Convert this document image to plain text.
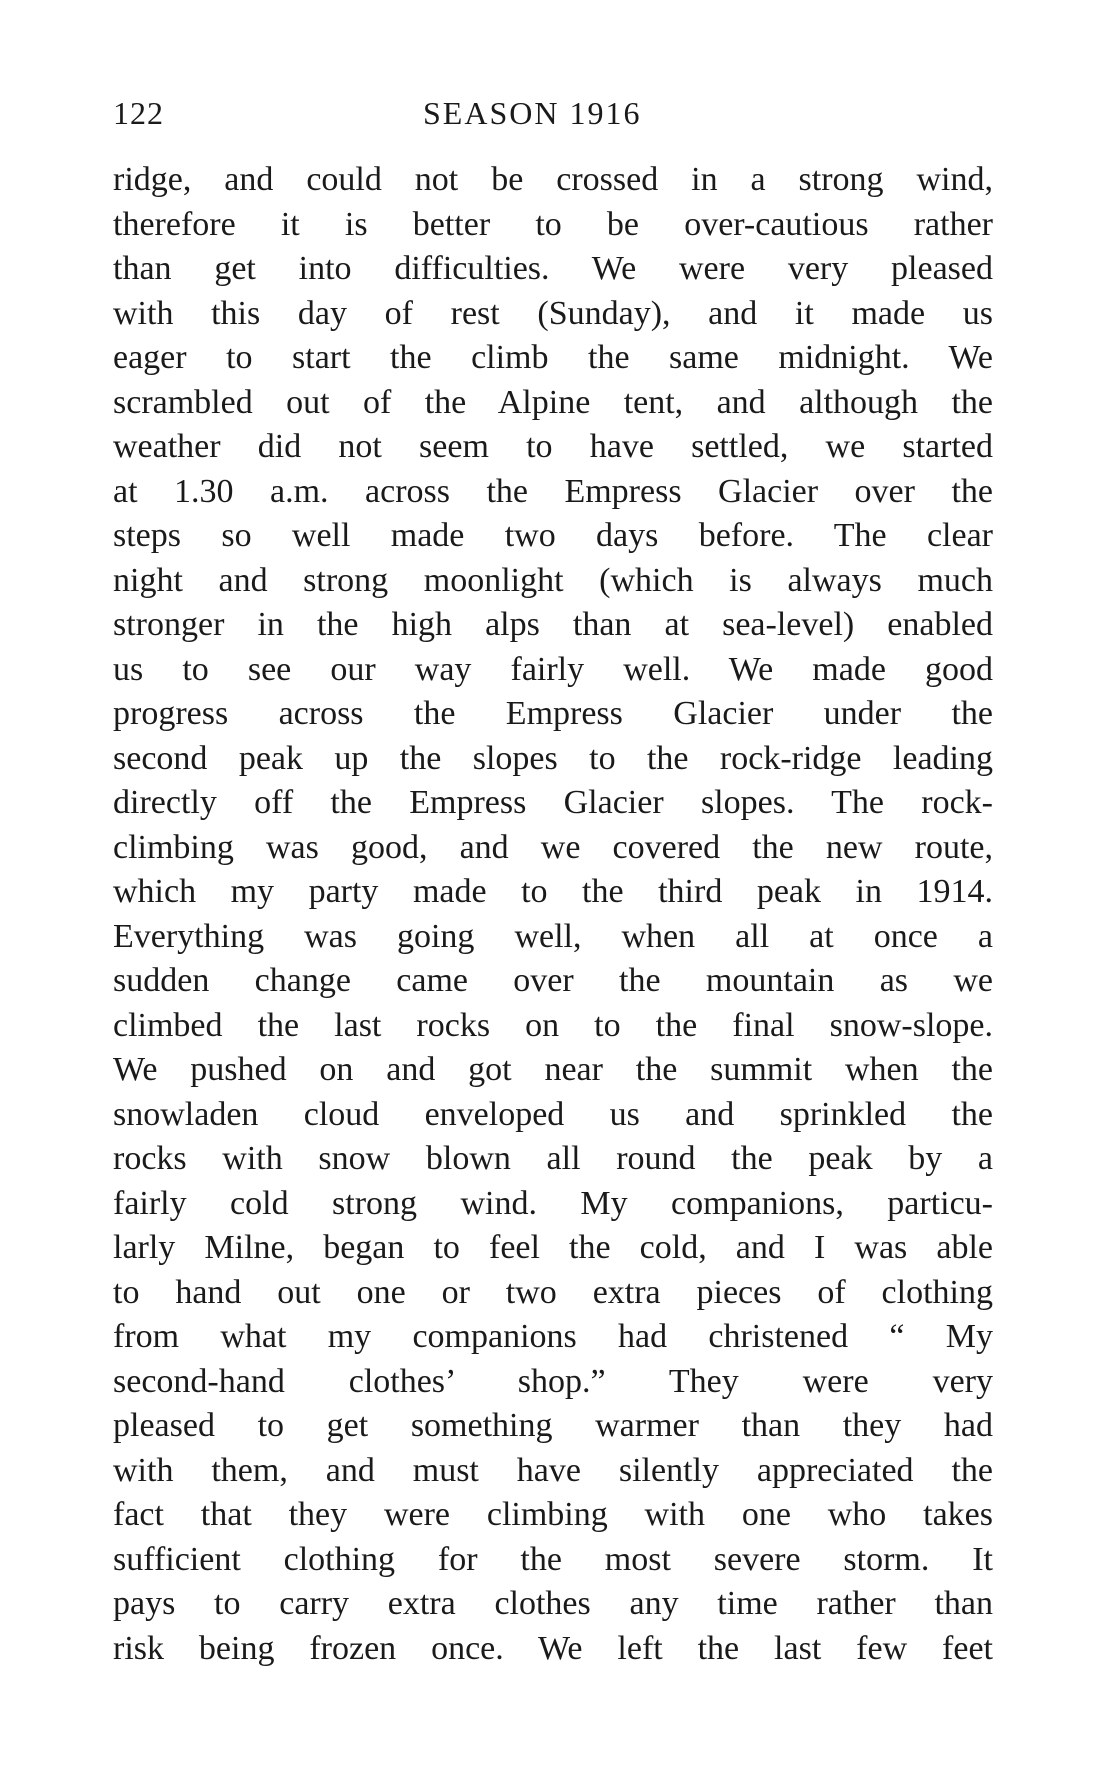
122	SEASON 1916
ridge, and could not be crossed in a strong wind,
therefore it is better to be over-cautious rather
than get into difficulties. We were very pleased
with this day of rest (Sunday), and it made us
eager to start the climb the same midnight. We
scrambled out of the Alpine tent, and although the
weather did not seem to have settled, we started
at 1.30 a.m. across the Empress Glacier over the
steps so well made two days before. The clear
night and strong moonlight (which is always much
stronger in the high alps than at sea-level) enabled
us to see our way fairly well. We made good
progress across the Empress Glacier under the
second peak up the slopes to the rock-ridge leading
directly off the Empress Glacier slopes. The rock-
climbing was good, and we covered the new route,
which my party made to the third peak in 1914.
Everything was going well, when all at once a
sudden change came over the mountain as we
climbed the last rocks on to the final snow-slope.
We pushed on and got near the summit when the
snowladen cloud enveloped us and sprinkled the
rocks with snow blown all round the peak by a
fairly cold strong wind. My companions, particu-
larly Milne, began to feel the cold, and I was able
to hand out one or two extra pieces of clothing
from what my companions had christened “ My
second-hand clothes’ shop.” They were very
pleased to get something warmer than they had
with them, and must have silently appreciated the
fact that they were climbing with one who takes
sufficient clothing for the most severe storm. It
pays to carry extra clothes any time rather than
risk being frozen once. We left the last few feet
